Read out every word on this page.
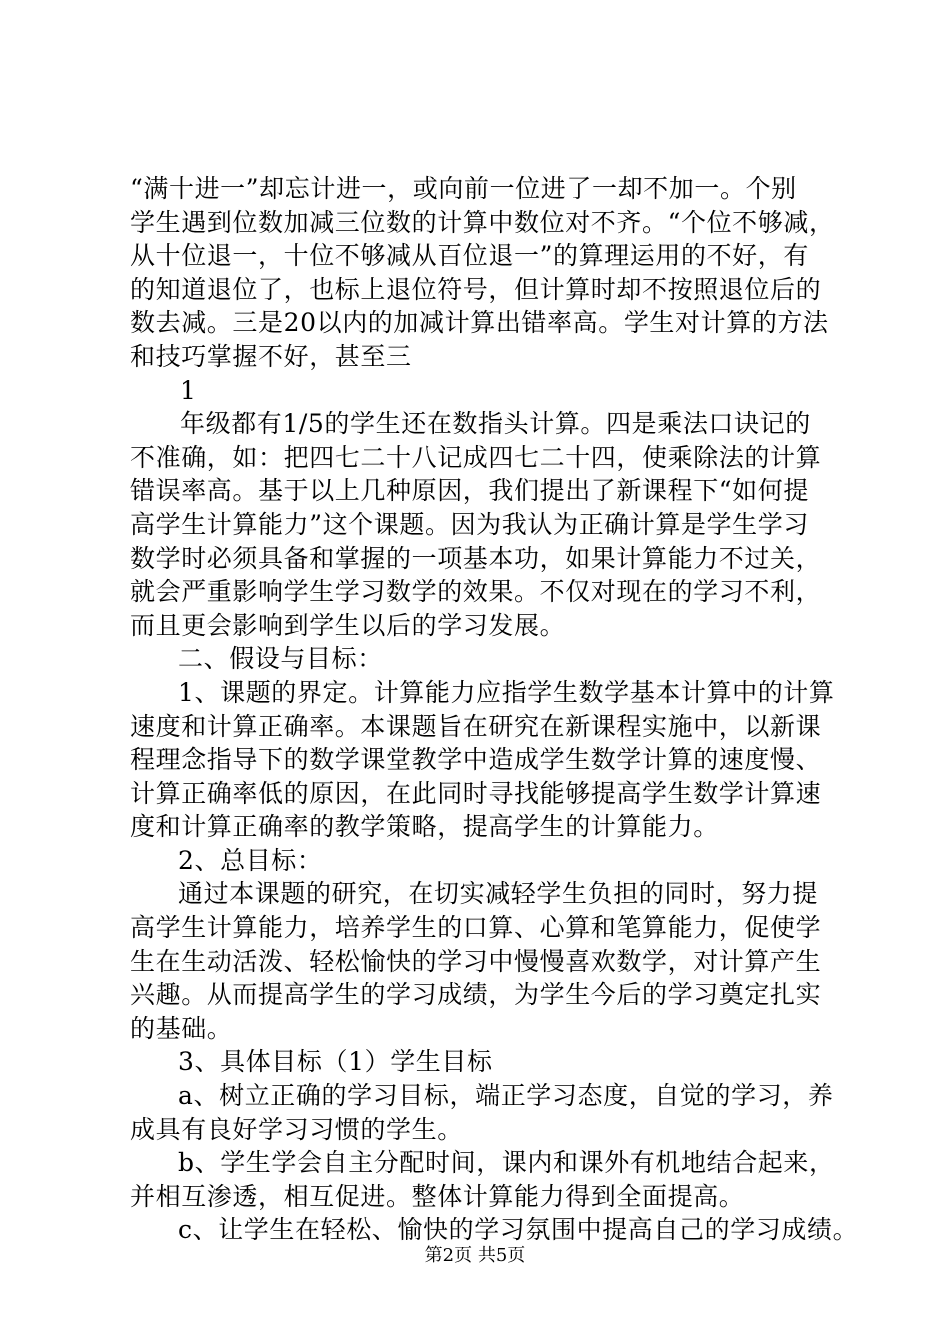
“满十进一”却忘计进一，或向前一位进了一却不加一。个别
学生遇到位数加减三位数的计算中数位对不齐。“个位不够减，
从十位退一，十位不够减从百位退一”的算理运用的不好，有
的知道退位了，也标上退位符号，但计算时却不按照退位后的
数去减。三是20以内的加减计算出错率高。学生对计算的方法
和技巧掌握不好，甚至三
1
年级都有1/5的学生还在数指头计算。四是乘法口诀记的
不准确，如：把四七二十八记成四七二十四，使乘除法的计算
错误率高。基于以上几种原因，我们提出了新课程下“如何提
高学生计算能力”这个课题。因为我认为正确计算是学生学习
数学时必须具备和掌握的一项基本功，如果计算能力不过关，
就会严重影响学生学习数学的效果。不仅对现在的学习不利，
而且更会影响到学生以后的学习发展。
二、假设与目标：
1、课题的界定。计算能力应指学生数学基本计算中的计算
速度和计算正确率。本课题旨在研究在新课程实施中，以新课
程理念指导下的数学课堂教学中造成学生数学计算的速度慢、
计算正确率低的原因，在此同时寻找能够提高学生数学计算速
度和计算正确率的教学策略，提高学生的计算能力。
2、总目标：
通过本课题的研究，在切实减轻学生负担的同时，努力提
高学生计算能力，培养学生的口算、心算和笔算能力，促使学
生在生动活泼、轻松愉快的学习中慢慢喜欢数学，对计算产生
兴趣。从而提高学生的学习成绩，为学生今后的学习奠定扎实
的基础。
3、具体目标（1）学生目标
a、树立正确的学习目标，端正学习态度，自觉的学习，养
成具有良好学习习惯的学生。
b、学生学会自主分配时间，课内和课外有机地结合起来，
并相互渗透，相互促进。整体计算能力得到全面提高。
c、让学生在轻松、愉快的学习氛围中提高自己的学习成绩。
第2页 共5页
